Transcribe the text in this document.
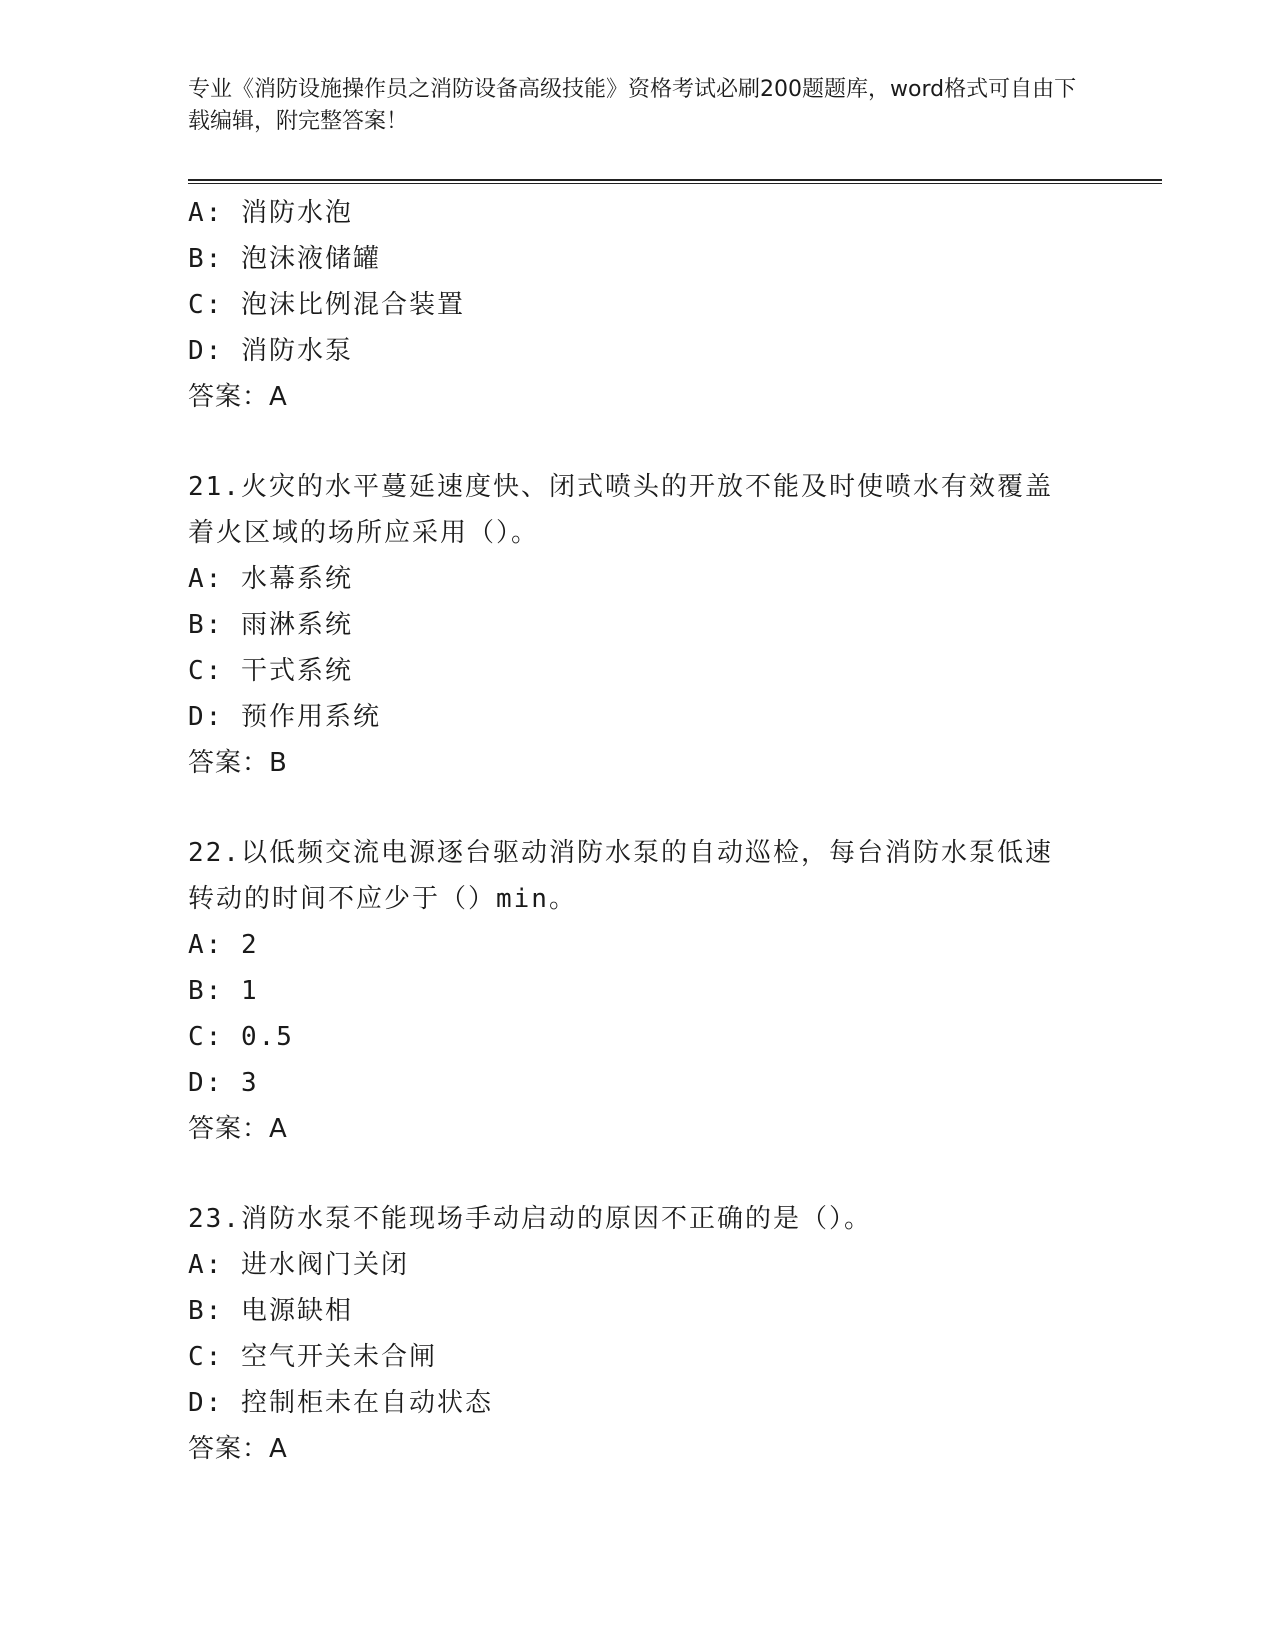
专业《消防设施操作员之消防设备高级技能》资格考试必刷200题题库，word格式可自由下载编辑，附完整答案！
A: 消防水泡
B: 泡沫液储罐
C: 泡沫比例混合装置
D: 消防水泵
答案：A
21.火灾的水平蔓延速度快、闭式喷头的开放不能及时使喷水有效覆盖
着火区域的场所应采用（）。
A: 水幕系统
B: 雨淋系统
C: 干式系统
D: 预作用系统
答案：B
22.以低频交流电源逐台驱动消防水泵的自动巡检，每台消防水泵低速
转动的时间不应少于（）min。
A: 2
B: 1
C: 0.5
D: 3
答案：A
23.消防水泵不能现场手动启动的原因不正确的是（）。
A: 进水阀门关闭
B: 电源缺相
C: 空气开关未合闸
D: 控制柜未在自动状态
答案：A
